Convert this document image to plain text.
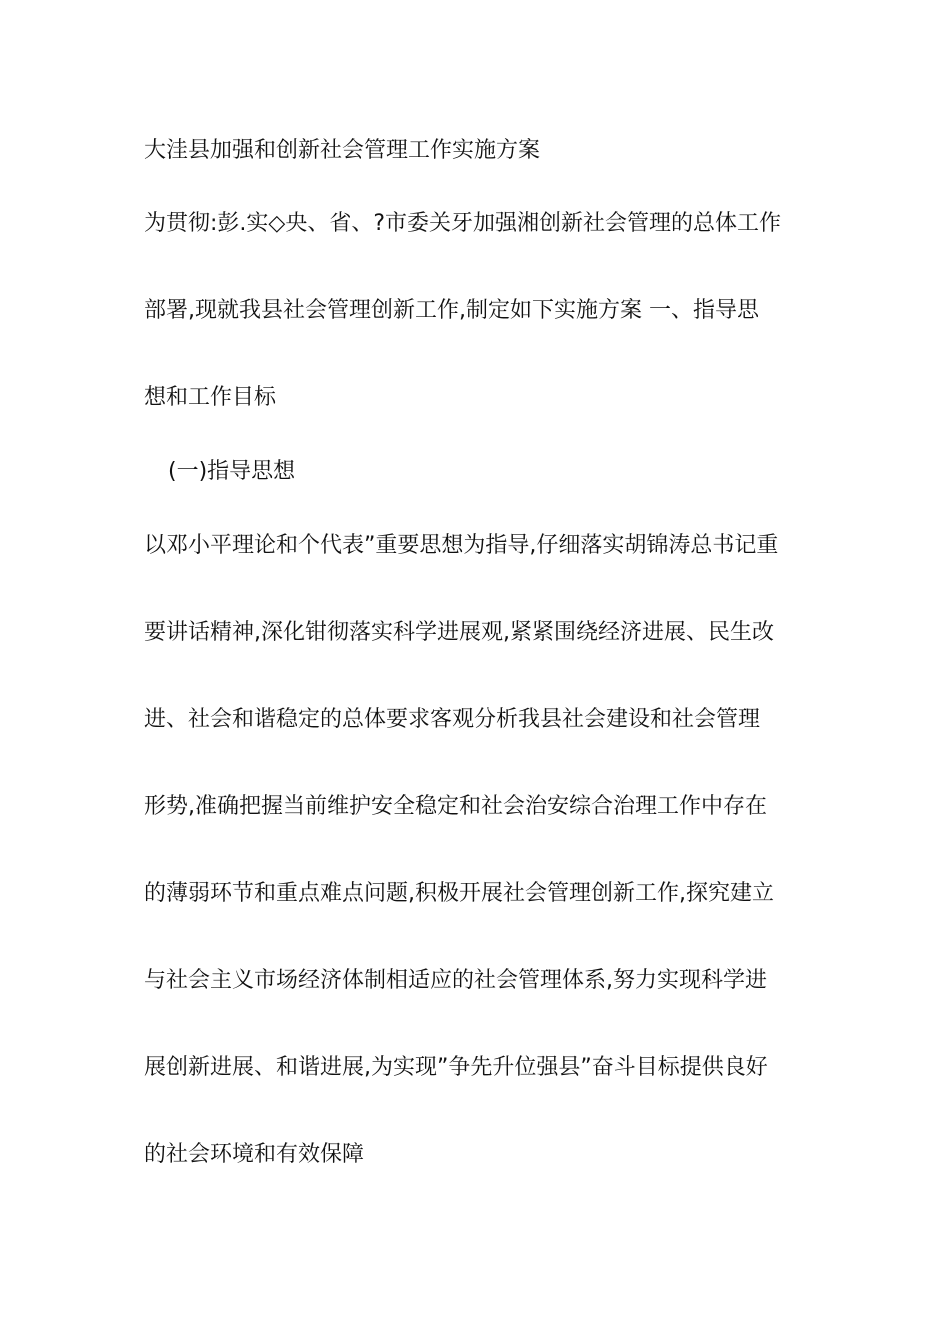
大洼县加强和创新社会管理工作实施方案
为贯彻:彭.实◇央、省、?市委关牙加强湘创新社会管理的总体工作
部署,现就我县社会管理创新工作,制定如下实施方案 一、指导思
想和工作目标
(一)指导思想
以邓小平理论和个代表”重要思想为指导,仔细落实胡锦涛总书记重
要讲话精神,深化钳彻落实科学进展观,紧紧围绕经济进展、民生改
进、社会和谐稳定的总体要求客观分析我县社会建设和社会管理
形势,准确把握当前维护安全稳定和社会治安综合治理工作中存在
的薄弱环节和重点难点问题,积极开展社会管理创新工作,探究建立
与社会主义市场经济体制相适应的社会管理体系,努力实现科学进
展创新进展、和谐进展,为实现”争先升位强县”奋斗目标提供良好
的社会环境和有效保障
